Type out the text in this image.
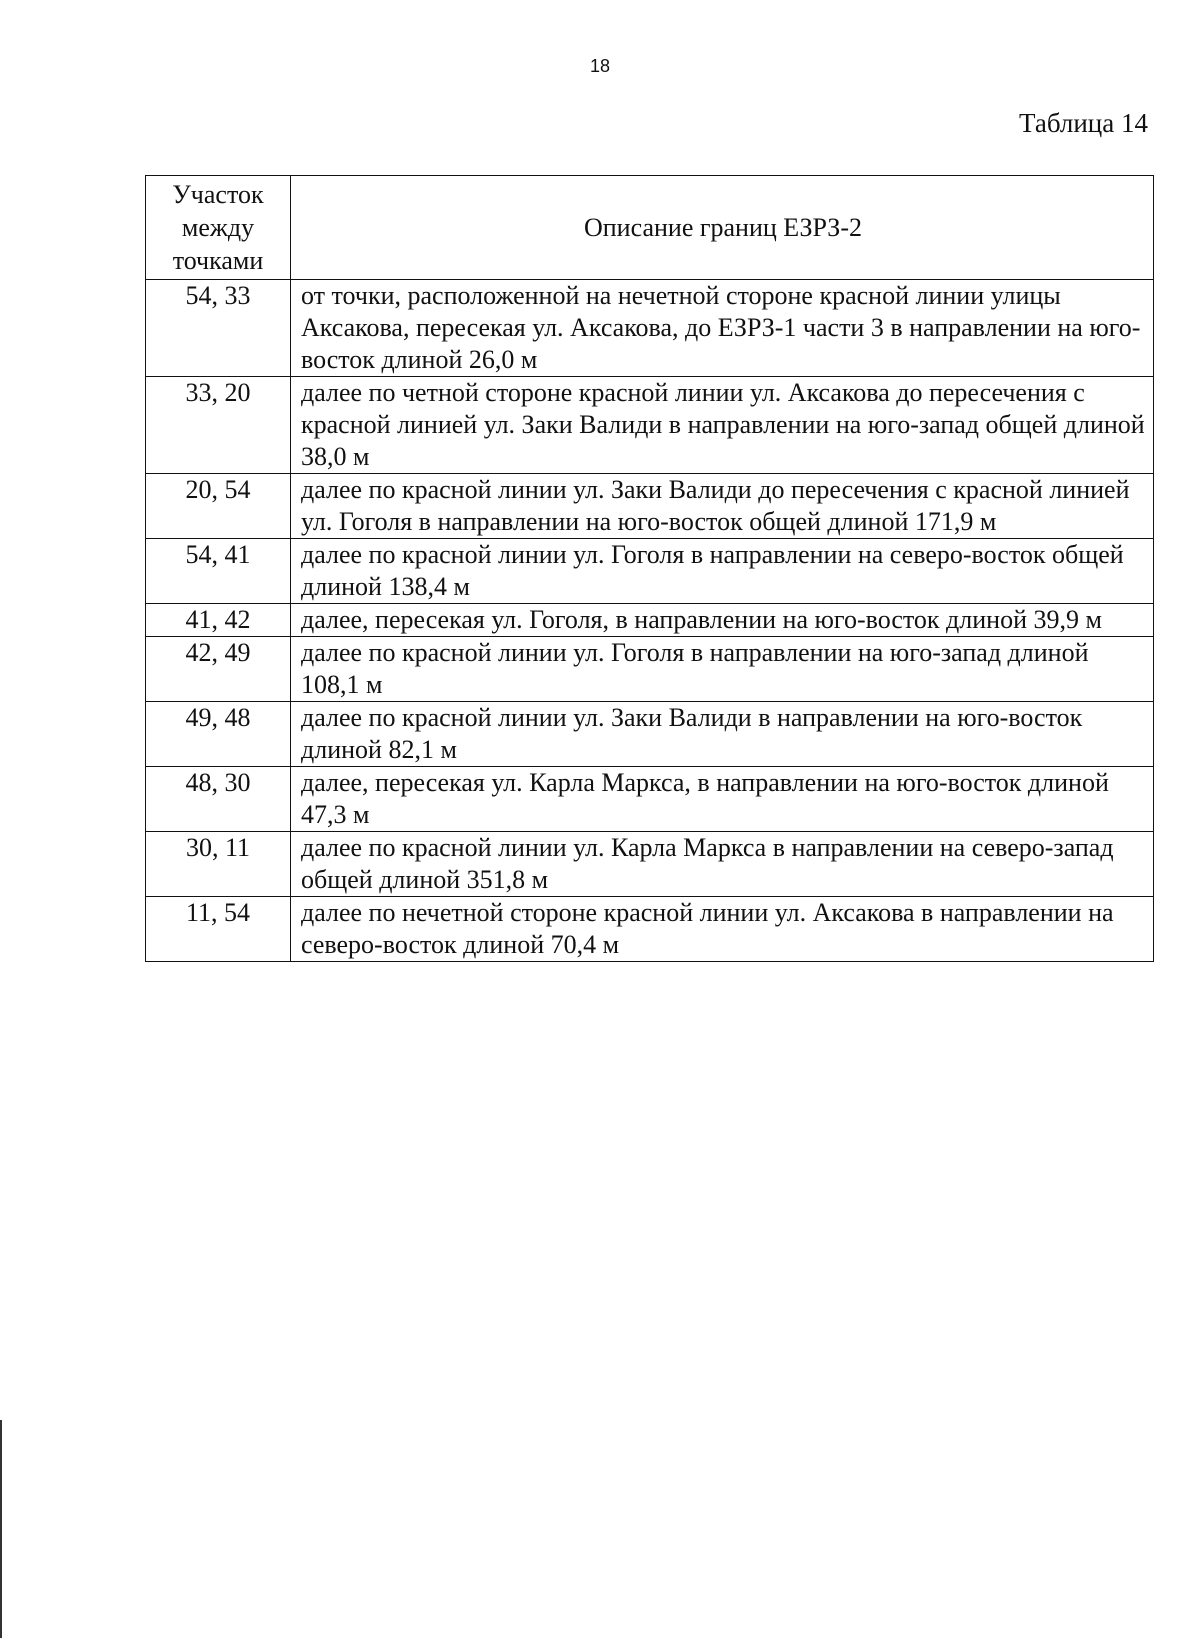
18
Таблица 14
Участок между точками	Описание границ ЕЗРЗ-2
54, 33	от точки, расположенной на нечетной стороне красной линии улицы Аксакова, пересекая ул. Аксакова, до ЕЗРЗ-1 части 3 в направлении на юго-восток длиной 26,0 м
33, 20	далее по четной стороне красной линии ул. Аксакова до пересечения с красной линией ул. Заки Валиди в направлении на юго-запад общей длиной 38,0 м
20, 54	далее по красной линии ул. Заки Валиди до пересечения с красной линией ул. Гоголя в направлении на юго-восток общей длиной 171,9 м
54, 41	далее по красной линии ул. Гоголя в направлении на северо-восток общей длиной 138,4 м
41, 42	далее, пересекая ул. Гоголя, в направлении на юго-восток длиной 39,9 м
42, 49	далее по красной линии ул. Гоголя в направлении на юго-запад длиной 108,1 м
49, 48	далее по красной линии ул. Заки Валиди в направлении на юго-восток длиной 82,1 м
48, 30	далее, пересекая ул. Карла Маркса, в направлении на юго-восток длиной 47,3 м
30, 11	далее по красной линии ул. Карла Маркса в направлении на северо-запад общей длиной 351,8 м
11, 54	далее по нечетной стороне красной линии ул. Аксакова в направлении на северо-восток длиной 70,4 м
